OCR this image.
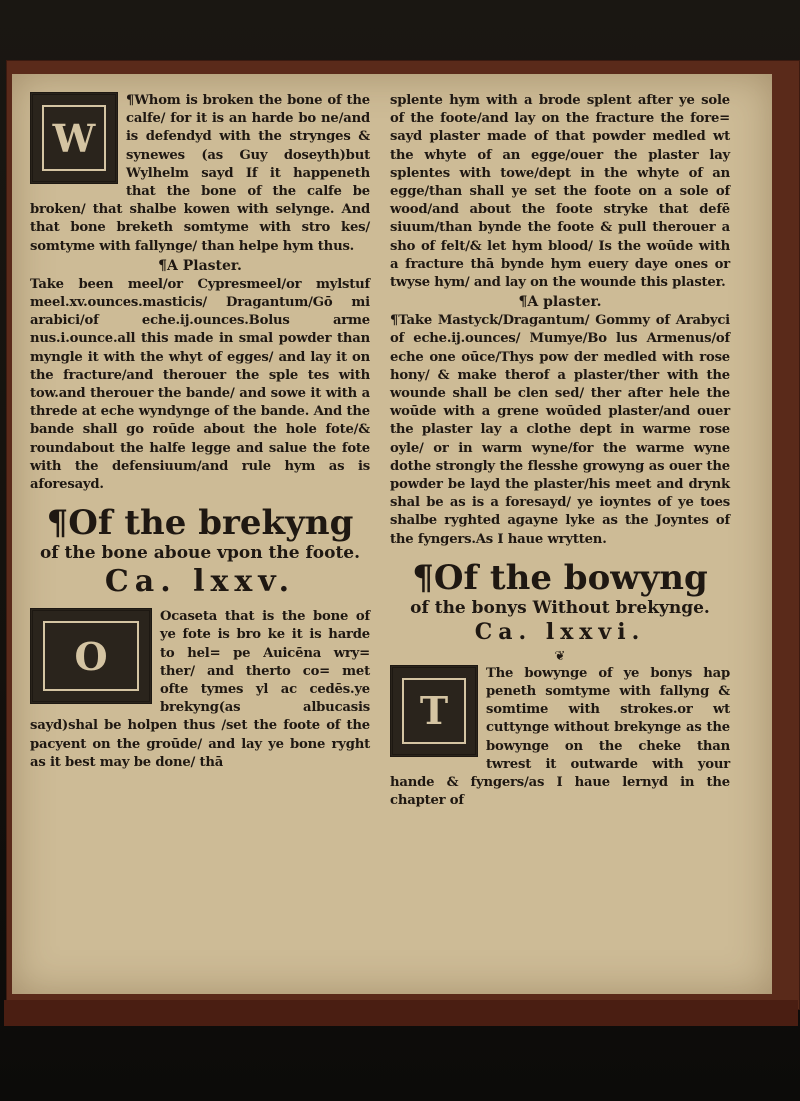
W

¶Whom is broken the bone of the calfe/ for it is an harde bo ne/and is defendyd with the strynges & synewes (as Guy doseyth)but Wylhelm sayd If it happeneth that the bone of the calfe be broken/ that shalbe kowen with selynge. And that bone breketh somtyme with stro kes/ somtyme with fallynge/ than helpe hym thus.

¶A Plaster.

Take been meel/or Cypresmeel/or mylstuf meel.xv.ounces.masticis/ Dragantum/Gō mi arabici/of eche.ij.ounces.Bolus arme nus.i.ounce.all this made in smal powder than myngle it with the whyt of egges/ and lay it on the fracture/and therouer the sple tes with tow.and therouer the bande/ and sowe it with a threde at eche wyndynge of the bande. And the bande shall go roūde about the hole fote/& roundabout the halfe legge and salue the fote with the defensiuum/and rule hym as is aforesayd.

¶Of the brekyng
of the bone aboue vpon the foote.
Ca. lxxv.
O

Ocaseta that is the bone of ye fote is bro ke it is harde to hel= pe Auicēna wry= ther/ and therto co= met ofte tymes yl ac cedēs.ye brekyng(as albucasis sayd)shal be holpen thus /set the foote of the pacyent on the groūde/ and lay ye bone ryght as it best may be done/ thā

splente hym with a brode splent after ye sole of the foote/and lay on the fracture the fore= sayd plaster made of that powder medled wt the whyte of an egge/ouer the plaster lay splentes with towe/dept in the whyte of an egge/than shall ye set the foote on a sole of wood/and about the foote stryke that defē siuum/than bynde the foote & pull therouer a sho of felt/& let hym blood/ Is the woūde with a fracture thā bynde hym euery daye ones or twyse hym/ and lay on the wounde this plaster.

¶A plaster.

¶Take Mastyck/Dragantum/ Gommy of Arabyci of eche.ij.ounces/ Mumye/Bo lus Armenus/of eche one oūce/Thys pow der medled with rose hony/ & make therof a plaster/ther with the wounde shall be clen sed/ ther after hele the woūde with a grene woūded plaster/and ouer the plaster lay a clothe dept in warme rose oyle/ or in warm wyne/for the warme wyne dothe strongly the flesshe growyng as ouer the powder be layd the plaster/his meet and drynk shal be as is a foresayd/ ye ioyntes of ye toes shalbe ryghted agayne lyke as the Joyntes of the fyngers.As I haue wrytten.

¶Of the bowyng
of the bonys Without brekynge.
Ca. lxxvi.
❦
T

The bowynge of ye bonys hap peneth somtyme with fallyng & somtime with strokes.or wt cuttynge without brekynge as the bowynge on the cheke than twrest it outwarde with your hande & fyngers/as I haue lernyd in the chapter of
